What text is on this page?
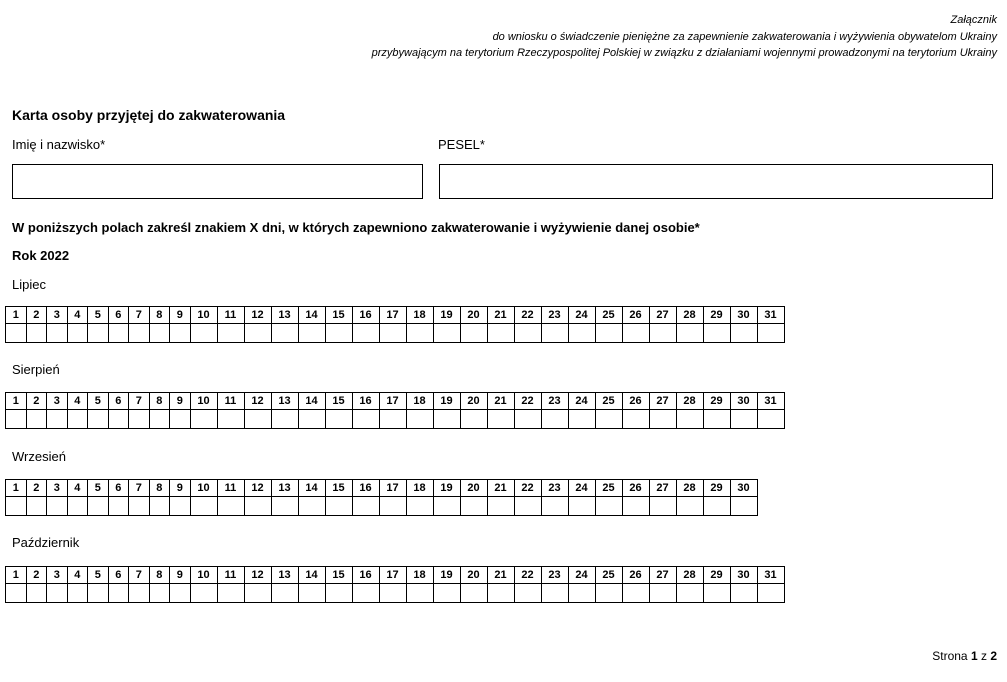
Załącznik
do wniosku o świadczenie pieniężne za zapewnienie zakwaterowania i wyżywienia obywatelom Ukrainy
przybywającym na terytorium Rzeczypospolitej Polskiej w związku z działaniami wojennymi prowadzonymi na terytorium Ukrainy
Karta osoby przyjętej do zakwaterowania
Imię i nazwisko*	PESEL*
W poniższych polach zakreśl znakiem X dni, w których zapewniono zakwaterowanie i wyżywienie danej osobie*
Rok 2022
Lipiec
1	2	3	4	5	6	7	8	9	10	11	12	13	14	15	16	17	18	19	20	21	22	23	24	25	26	27	28	29	30	31

Sierpień
1	2	3	4	5	6	7	8	9	10	11	12	13	14	15	16	17	18	19	20	21	22	23	24	25	26	27	28	29	30	31

Wrzesień
1	2	3	4	5	6	7	8	9	10	11	12	13	14	15	16	17	18	19	20	21	22	23	24	25	26	27	28	29	30

Październik
1	2	3	4	5	6	7	8	9	10	11	12	13	14	15	16	17	18	19	20	21	22	23	24	25	26	27	28	29	30	31

Strona 1 z 2
